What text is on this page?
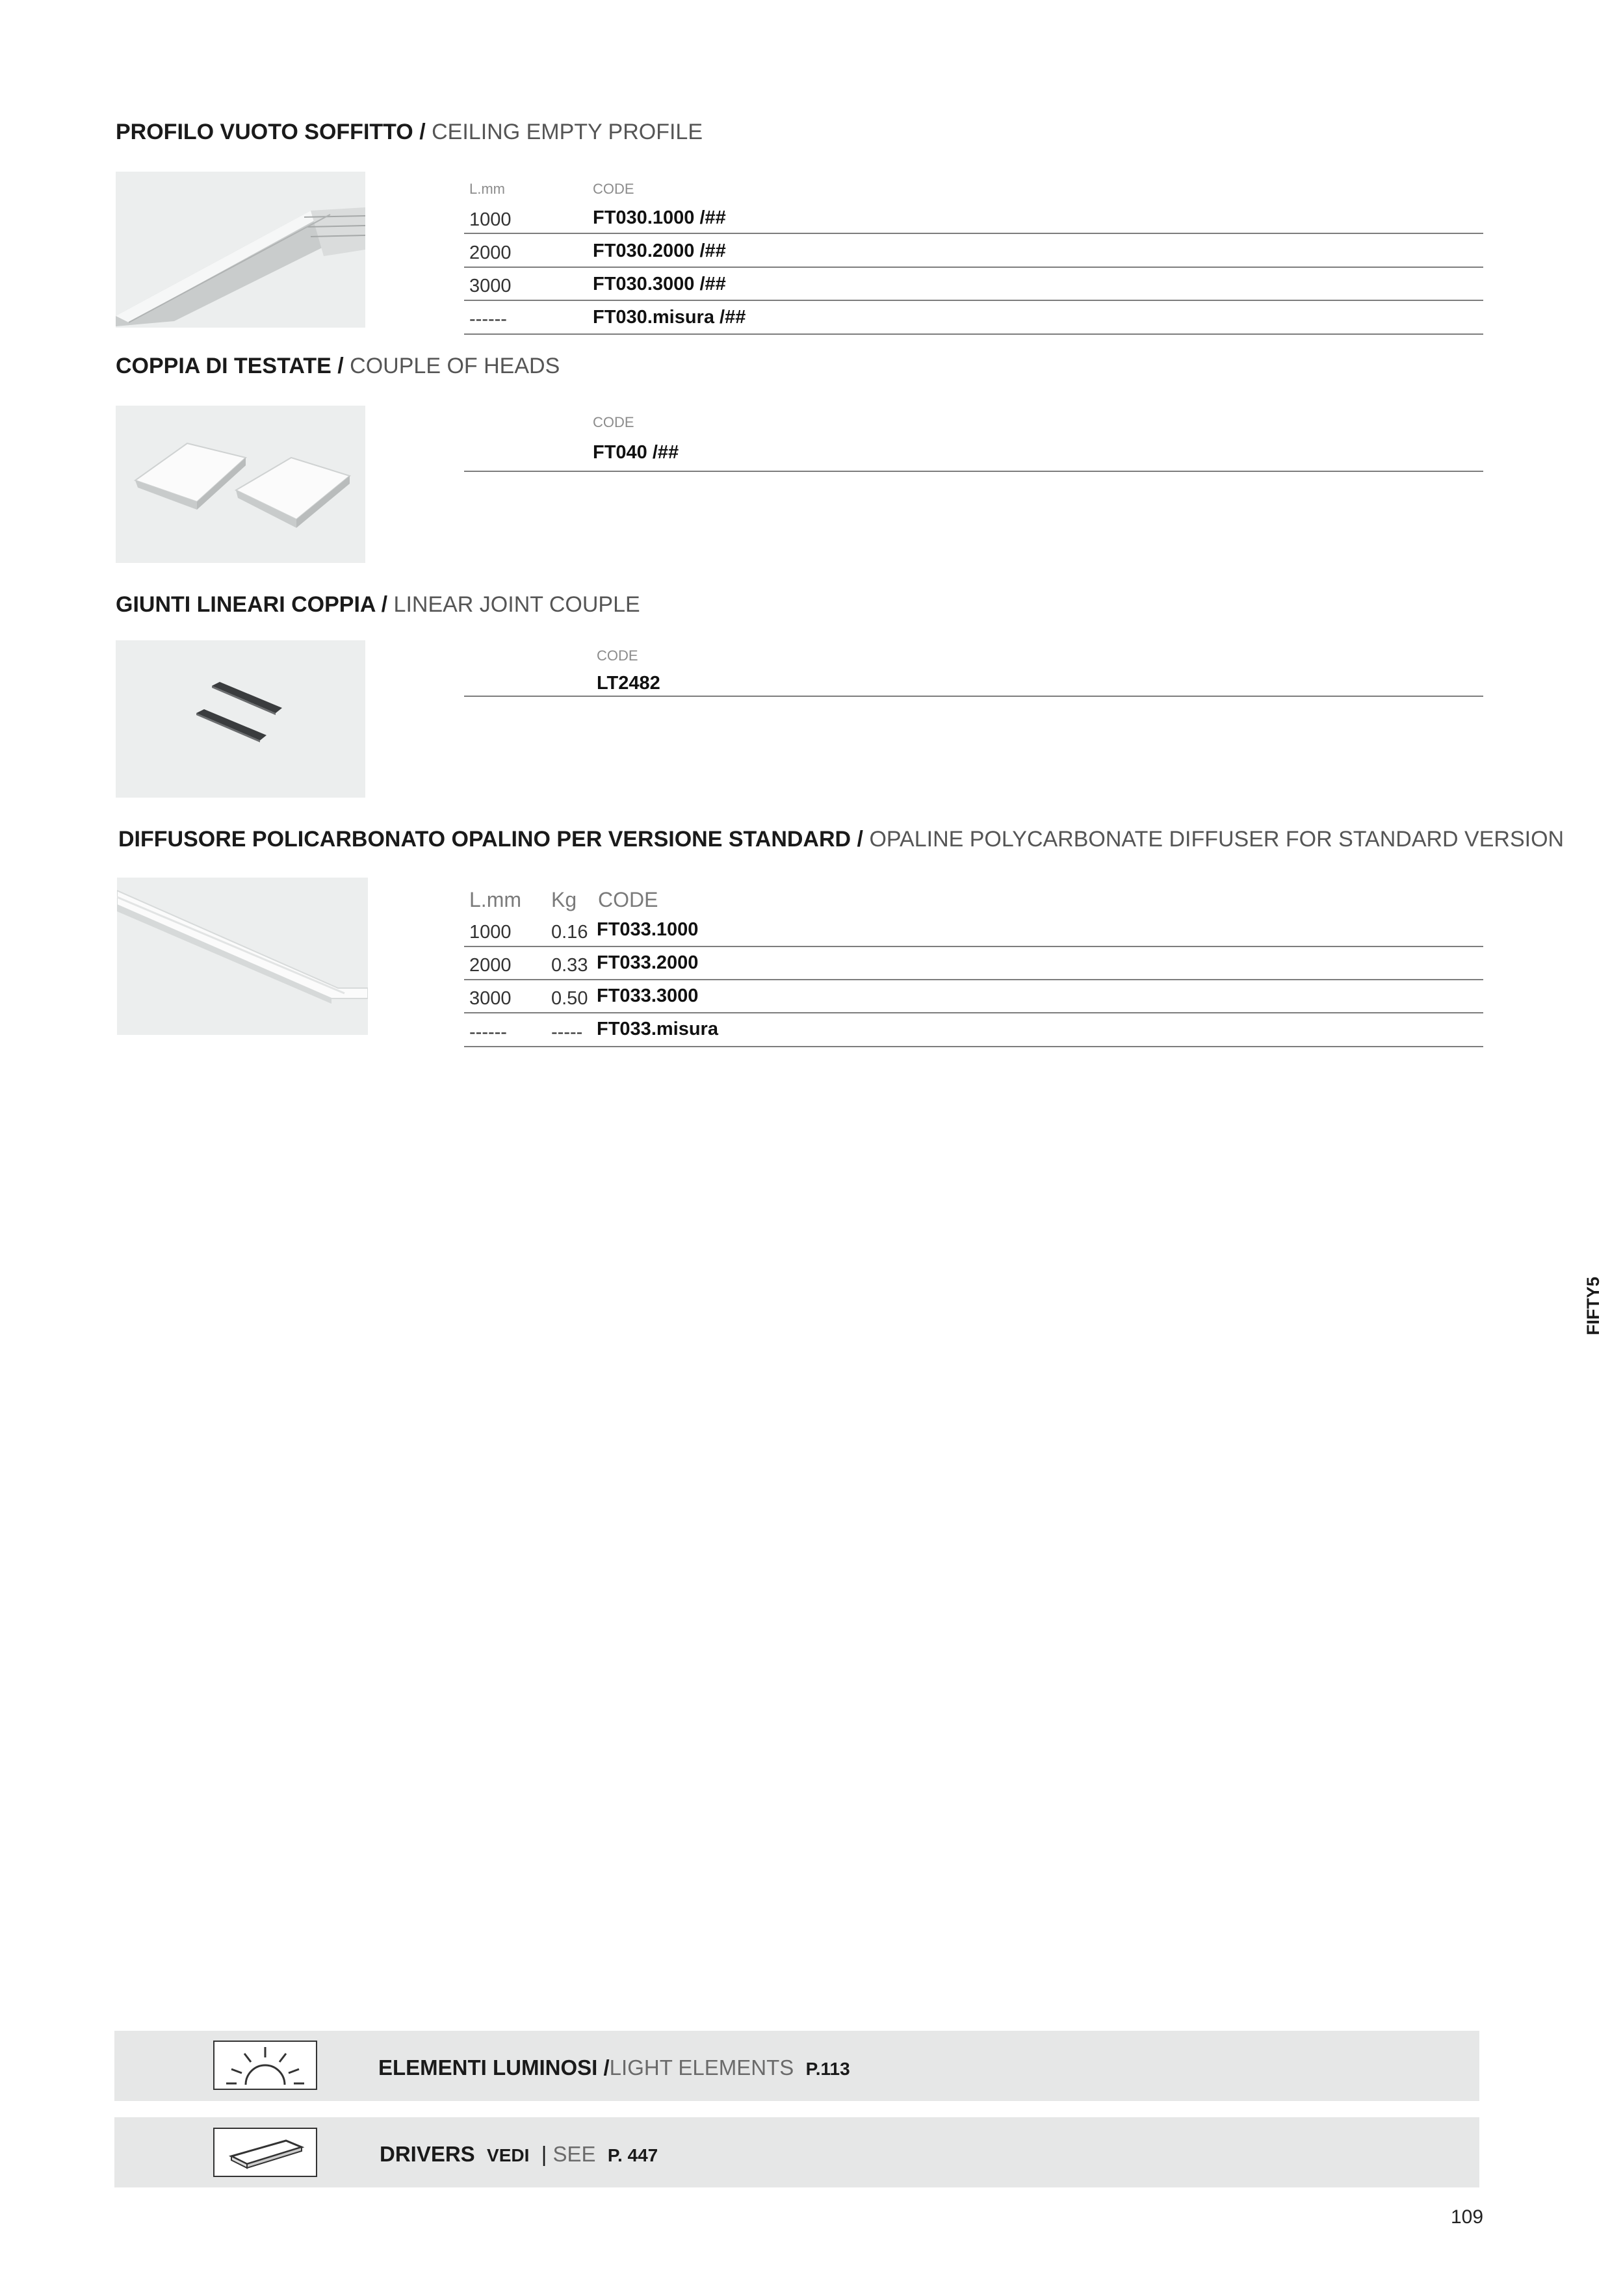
PROFILO VUOTO SOFFITTO / CEILING EMPTY PROFILE
L.mm	CODE
1000	FT030.1000 /##
2000	FT030.2000 /##
3000	FT030.3000 /##
------	FT030.misura /##
COPPIA DI TESTATE / COUPLE OF HEADS
CODE
FT040 /##
GIUNTI LINEARI COPPIA / LINEAR JOINT COUPLE
CODE
LT2482
DIFFUSORE POLICARBONATO OPALINO PER VERSIONE STANDARD / OPALINE POLYCARBONATE DIFFUSER FOR STANDARD VERSION
L.mm Kg CODE
1000 0.16 FT033.1000
2000 0.33 FT033.2000
3000 0.50 FT033.3000
------ ----- FT033.misura
FIFTY5
ELEMENTI LUMINOSI /LIGHT ELEMENTS P.113
DRIVERS VEDI | SEE P. 447
109
